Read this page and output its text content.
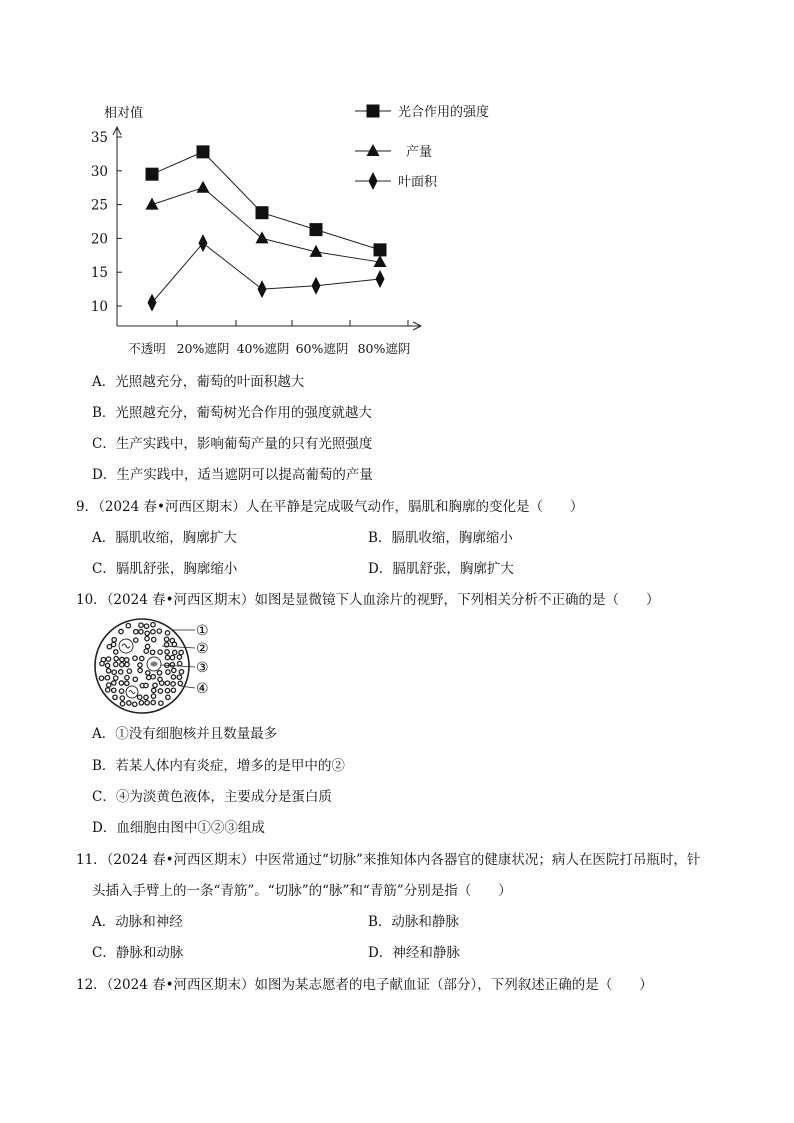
相对值
10
15
20
25
30
35
不透明 20%遮阴 40%遮阴 60%遮阴 80%遮阴
光合作用的强度
产量
叶面积
A．光照越充分，葡萄的叶面积越大
B．光照越充分，葡萄树光合作用的强度就越大
C．生产实践中，影响葡萄产量的只有光照强度
D．生产实践中，适当遮阴可以提高葡萄的产量
9．（2024 春•河西区期末）人在平静是完成吸气动作，膈肌和胸廓的变化是（　　）
A．膈肌收缩，胸廓扩大	B．膈肌收缩，胸廓缩小
C．膈肌舒张，胸廓缩小	D．膈肌舒张，胸廓扩大
10．（2024 春•河西区期末）如图是显微镜下人血涂片的视野，下列相关分析不正确的是（　　）
①
②
③
④
A．①没有细胞核并且数量最多
B．若某人体内有炎症，增多的是甲中的②
C．④为淡黄色液体，主要成分是蛋白质
D．血细胞由图中①②③组成
11．（2024 春•河西区期末）中医常通过“切脉”来推知体内各器官的健康状况；病人在医院打吊瓶时，针
头插入手臂上的一条“青筋”。“切脉”的“脉”和“青筋”分别是指（　　）
A．动脉和神经	B．动脉和静脉
C．静脉和动脉	D．神经和静脉
12．（2024 春•河西区期末）如图为某志愿者的电子献血证（部分），下列叙述正确的是（　　）
